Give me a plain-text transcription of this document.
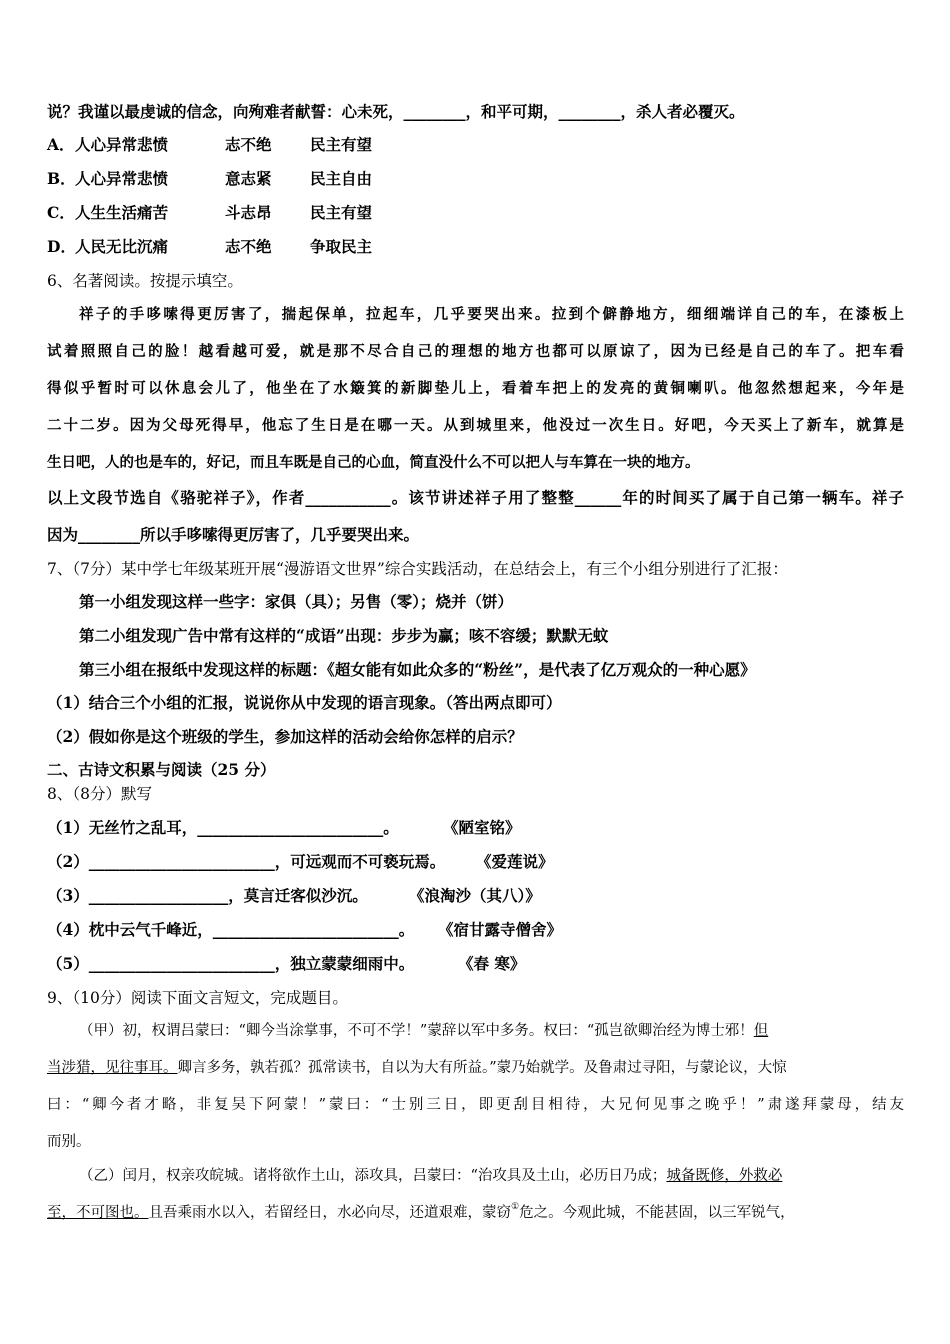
说？我谨以最虔诚的信念，向殉难者献誓：心未死，________，和平可期，________，杀人者必覆灭。
A．人心异常悲愤	志不绝 民主有望
B．人心异常悲愤	意志紧 民主自由
C．人生生活痛苦	斗志昂 民主有望
D．人民无比沉痛	志不绝 争取民主
6、名著阅读。按提示填空。
祥子的手哆嗦得更厉害了，揣起保单，拉起车，几乎要哭出来。拉到个僻静地方，细细端详自己的车，在漆板上
试着照照自己的脸！越看越可爱，就是那不尽合自己的理想的地方也都可以原谅了，因为已经是自己的车了。把车看
得似乎暂时可以休息会儿了，他坐在了水簸箕的新脚垫儿上，看着车把上的发亮的黄铜喇叭。他忽然想起来，今年是
二十二岁。因为父母死得早，他忘了生日是在哪一天。从到城里来，他没过一次生日。好吧，今天买上了新车，就算是
生日吧，人的也是车的，好记，而且车既是自己的心血，简直没什么不可以把人与车算在一块的地方。
以上文段节选自《骆驼祥子》，作者___________。该节讲述祥子用了整整______年的时间买了属于自己第一辆车。祥子
因为________所以手哆嗦得更厉害了，几乎要哭出来。
7、（7分）某中学七年级某班开展“漫游语文世界”综合实践活动，在总结会上，有三个小组分别进行了汇报：
第一小组发现这样一些字：家俱（具）；另售（零）；烧并（饼）
第二小组发现广告中常有这样的“成语”出现：步步为赢；咳不容缓；默默无蚊
第三小组在报纸中发现这样的标题：《超女能有如此众多的“粉丝”，是代表了亿万观众的一种心愿》
（1）结合三个小组的汇报，说说你从中发现的语言现象。（答出两点即可）
（2）假如你是这个班级的学生，参加这样的活动会给你怎样的启示？
二、古诗文积累与阅读（25 分）
8、（8分）默写
（1）无丝竹之乱耳，________________________。	《陋室铭》
（2）________________________，可远观而不可亵玩焉。 《爱莲说》
（3）__________________，莫言迁客似沙沉。	《浪淘沙（其八）》
（4）枕中云气千峰近，________________________。 《宿甘露寺僧舍》
（5）________________________，独立蒙蒙细雨中。	《春 寒》
9、（10分）阅读下面文言短文，完成题目。
（甲）初，权谓吕蒙曰：“卿今当涂掌事，不可不学！”蒙辞以军中多务。权曰：“孤岂欲卿治经为博士邪！但
当涉猎，见往事耳。卿言多务，孰若孤？孤常读书，自以为大有所益。”蒙乃始就学。及鲁肃过寻阳，与蒙论议，大惊
曰：“卿今者才略，非复吴下阿蒙！”蒙曰：“士别三日，即更刮目相待，大兄何见事之晚乎！”肃遂拜蒙母，结友
而别。
（乙）闰月，权亲攻皖城。诸将欲作土山，添攻具，吕蒙曰：“治攻具及土山，必历日乃成；城备既修，外救必
至，不可图也。且吾乘雨水以入，若留经日，水必向尽，还道艰难，蒙窃①危之。今观此城，不能甚固，以三军锐气，
